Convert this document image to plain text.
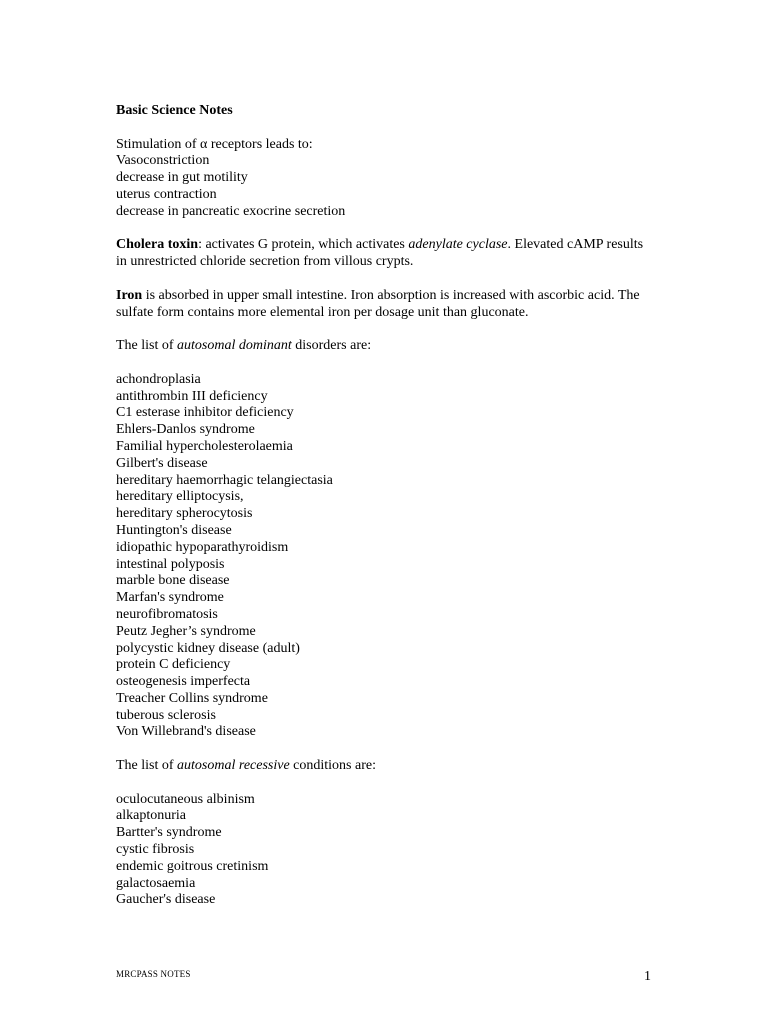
Basic Science Notes

Stimulation of α receptors leads to:

Vasoconstriction

decrease in gut motility

uterus contraction

decrease in pancreatic exocrine secretion

Cholera toxin: activates G protein, which activates adenylate cyclase. Elevated cAMP results in unrestricted chloride secretion from villous crypts.

Iron is absorbed in upper small intestine. Iron absorption is increased with ascorbic acid. The sulfate form contains more elemental iron per dosage unit than gluconate.

The list of autosomal dominant disorders are:

achondroplasia

antithrombin III deficiency

C1 esterase inhibitor deficiency

Ehlers-Danlos syndrome

Familial hypercholesterolaemia

Gilbert's disease

hereditary haemorrhagic telangiectasia

hereditary elliptocysis,

hereditary spherocytosis

Huntington's disease

idiopathic hypoparathyroidism

intestinal polyposis

marble bone disease

Marfan's syndrome

neurofibromatosis

Peutz Jegher’s syndrome

polycystic kidney disease (adult)

protein C deficiency

osteogenesis imperfecta

Treacher Collins syndrome

tuberous sclerosis

Von Willebrand's disease

The list of autosomal recessive conditions are:

oculocutaneous albinism

alkaptonuria

Bartter's syndrome

cystic fibrosis

endemic goitrous cretinism

galactosaemia

Gaucher's disease

MRCPASS NOTES	1
